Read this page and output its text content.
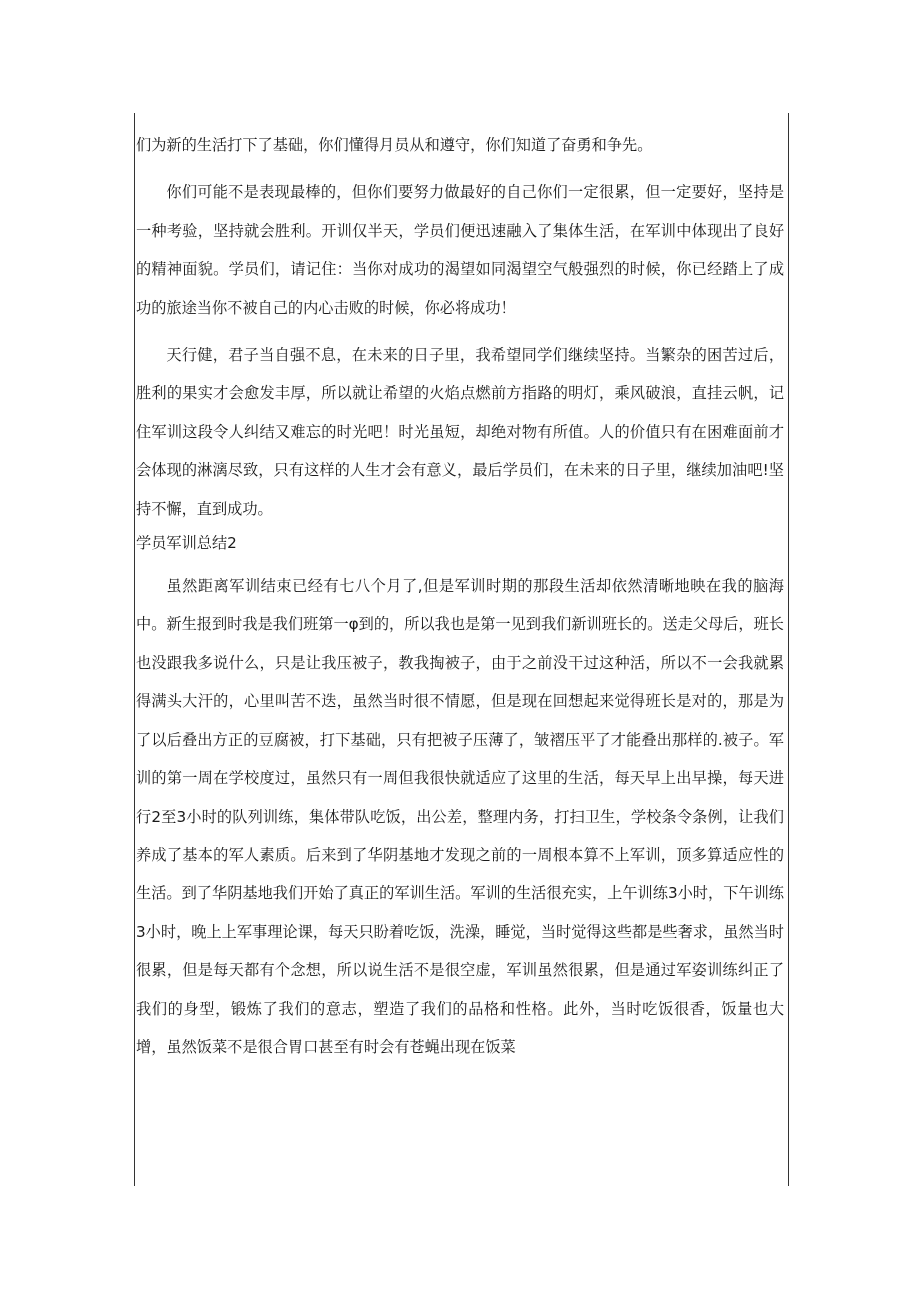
们为新的生活打下了基础，你们懂得月员从和遵守，你们知道了奋勇和争先。

你们可能不是表现最棒的，但你们要努力做最好的自己你们一定很累，但一定要好，坚持是一种考验，坚持就会胜利。开训仅半天，学员们便迅速融入了集体生活，在军训中体现出了良好的精神面貌。学员们，请记住：当你对成功的渴望如同渴望空气般强烈的时候，你已经踏上了成功的旅途当你不被自己的内心击败的时候，你必将成功！

天行健，君子当自强不息，在未来的日子里，我希望同学们继续坚持。当繁杂的困苦过后，胜利的果实才会愈发丰厚，所以就让希望的火焰点燃前方指路的明灯，乘风破浪，直挂云帆，记住军训这段令人纠结又难忘的时光吧！时光虽短，却绝对物有所值。人的价值只有在困难面前才会体现的淋漓尽致，只有这样的人生才会有意义，最后学员们，在未来的日子里，继续加油吧!坚持不懈，直到成功。

学员军训总结2

虽然距离军训结束已经有七八个月了,但是军训时期的那段生活却依然清晰地映在我的脑海中。新生报到时我是我们班第一φ到的，所以我也是第一见到我们新训班长的。送走父母后，班长也没跟我多说什么，只是让我压被子，教我掏被子，由于之前没干过这种活，所以不一会我就累得满头大汗的，心里叫苦不迭，虽然当时很不情愿，但是现在回想起来觉得班长是对的，那是为了以后叠出方正的豆腐被，打下基础，只有把被子压薄了，皱褶压平了才能叠出那样的.被子。军训的第一周在学校度过，虽然只有一周但我很快就适应了这里的生活，每天早上出早操，每天进行2至3小时的队列训练，集体带队吃饭，出公差，整理内务，打扫卫生，学校条令条例，让我们养成了基本的军人素质。后来到了华阴基地才发现之前的一周根本算不上军训，顶多算适应性的生活。到了华阴基地我们开始了真正的军训生活。军训的生活很充实，上午训练3小时，下午训练3小时，晚上上军事理论课，每天只盼着吃饭，洗澡，睡觉，当时觉得这些都是些奢求，虽然当时很累，但是每天都有个念想，所以说生活不是很空虚，军训虽然很累，但是通过军姿训练纠正了我们的身型，锻炼了我们的意志，塑造了我们的品格和性格。此外，当时吃饭很香，饭量也大增，虽然饭菜不是很合胃口甚至有时会有苍蝇出现在饭菜
